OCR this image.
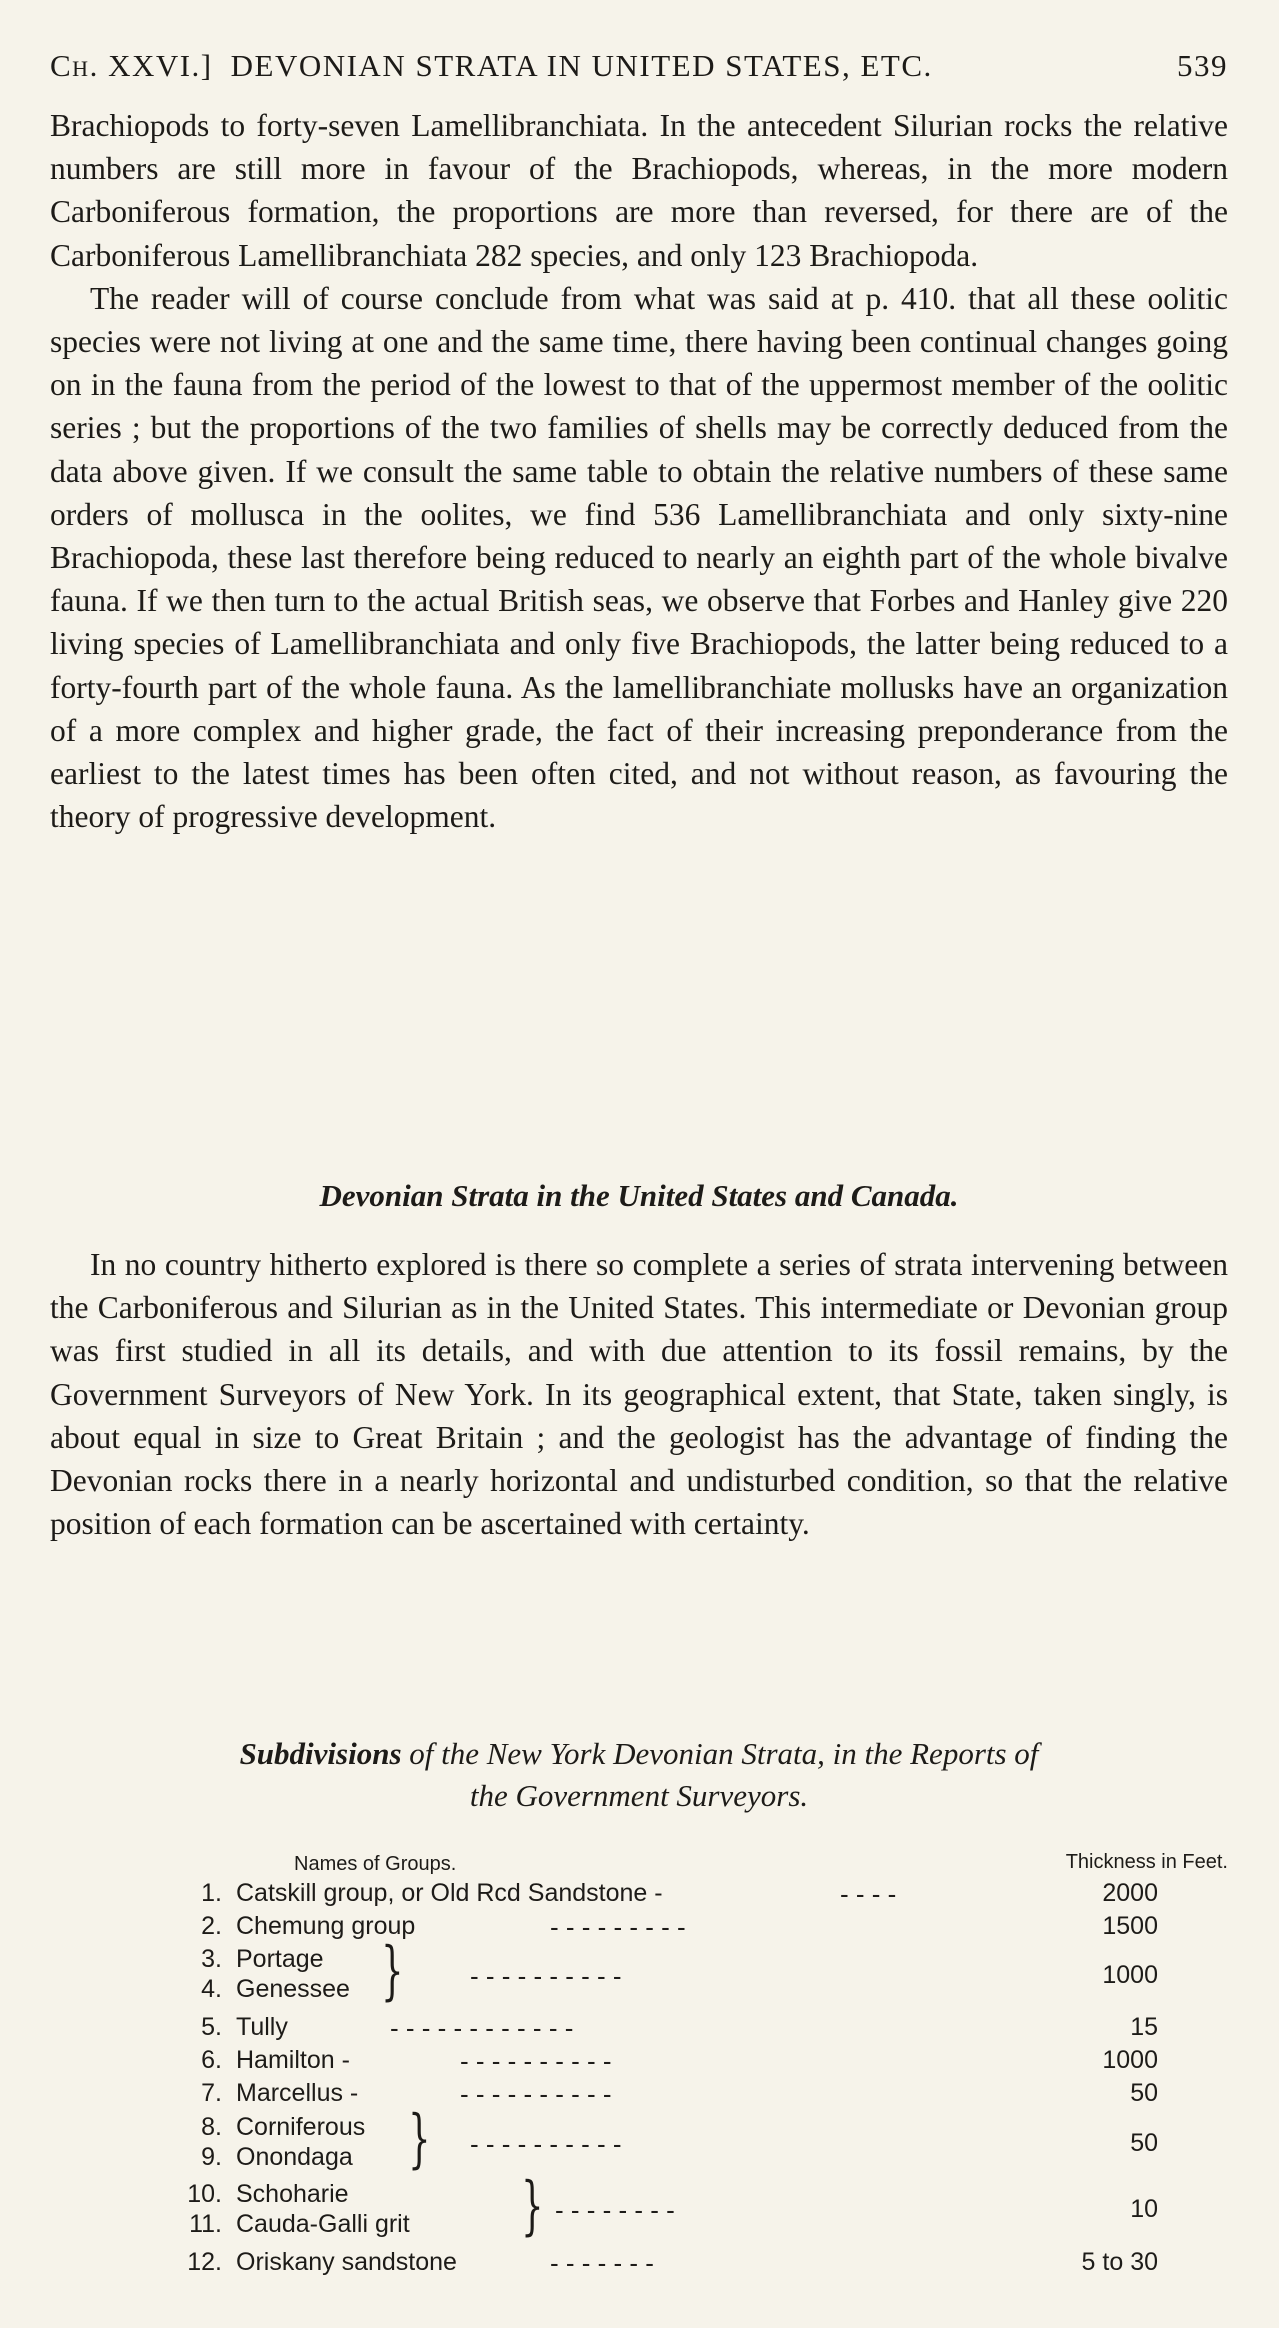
Ch. XXVI.] DEVONIAN STRATA IN UNITED STATES, ETC.	539

Brachiopods to forty-seven Lamellibranchiata. In the antecedent Silurian rocks the relative numbers are still more in favour of the Brachiopods, whereas, in the more modern Carboniferous formation, the proportions are more than reversed, for there are of the Carboniferous Lamellibranchiata 282 species, and only 123 Brachiopoda.

The reader will of course conclude from what was said at p. 410. that all these oolitic species were not living at one and the same time, there having been continual changes going on in the fauna from the period of the lowest to that of the uppermost member of the oolitic series ; but the proportions of the two families of shells may be correctly deduced from the data above given. If we consult the same table to obtain the relative numbers of these same orders of mollusca in the oolites, we find 536 Lamellibranchiata and only sixty-nine Brachiopoda, these last therefore being reduced to nearly an eighth part of the whole bivalve fauna. If we then turn to the actual British seas, we observe that Forbes and Hanley give 220 living species of Lamellibranchiata and only five Brachiopods, the latter being reduced to a forty-fourth part of the whole fauna. As the lamellibranchiate mollusks have an organization of a more complex and higher grade, the fact of their increasing preponderance from the earliest to the latest times has been often cited, and not without reason, as favouring the theory of progressive development.

Devonian Strata in the United States and Canada.

In no country hitherto explored is there so complete a series of strata intervening between the Carboniferous and Silurian as in the United States. This intermediate or Devonian group was first studied in all its details, and with due attention to its fossil remains, by the Government Surveyors of New York. In its geographical extent, that State, taken singly, is about equal in size to Great Britain ; and the geologist has the advantage of finding the Devonian rocks there in a nearly horizontal and undisturbed condition, so that the relative position of each formation can be ascertained with certainty.

Subdivisions of the New York Devonian Strata, in the Reports of
the Government Surveyors.
Names of Groups.	Thickness in Feet.
1. Catskill group, or Old Rcd Sandstone -	- - - -	2000
2. Chemung group	- - - - - - - - -	1500
3. Portage
4. Genessee }	- - - - - - - - - -	1000
5. Tully	- - - - - - - - - - - -	15
6. Hamilton -	- - - - - - - - - -	1000
7. Marcellus -	- - - - - - - - - -	50
8. Corniferous
9. Onondaga } - - - - - - - - - -	50
10. Schoharie
11. Cauda-Galli grit } - - - - - - - -	10
12. Oriskany sandstone	- - - - - - -	5 to 30
